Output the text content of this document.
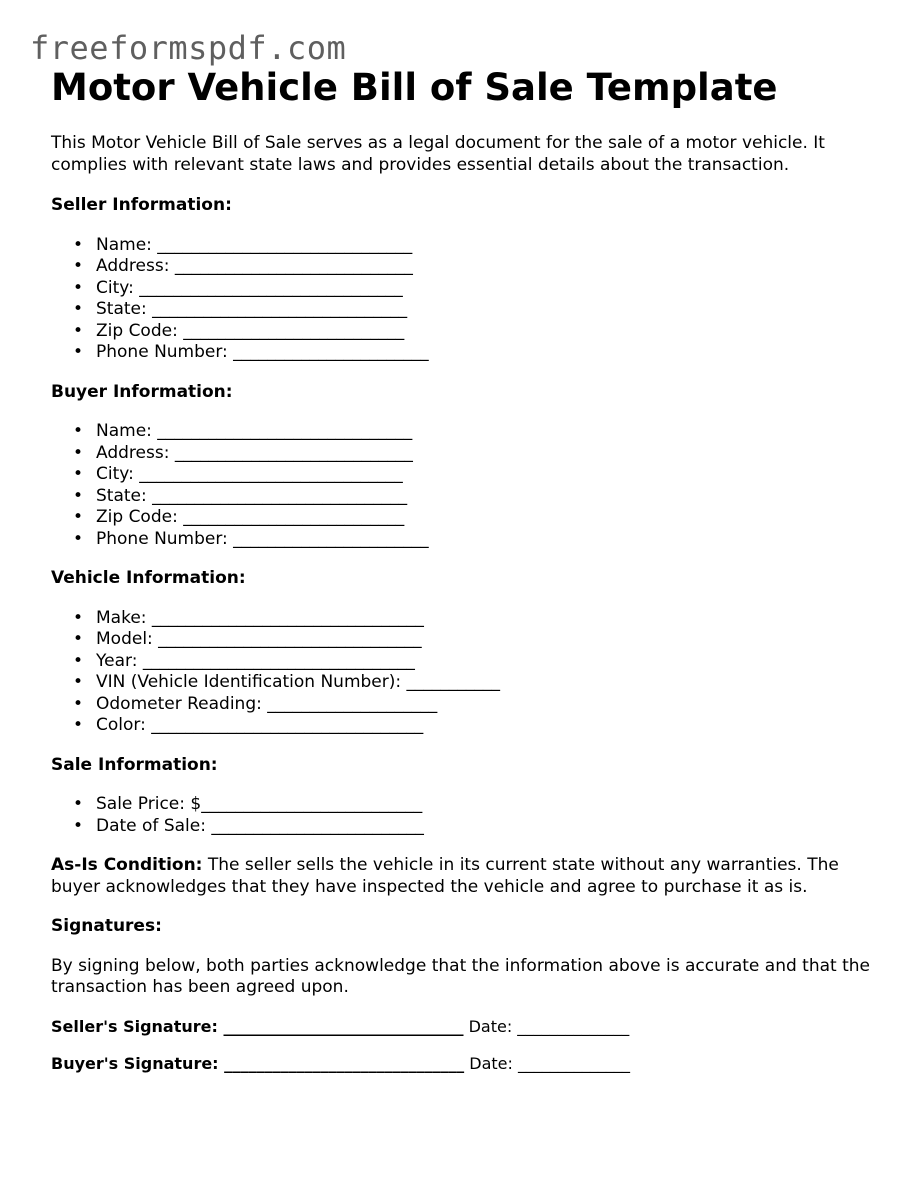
freeformspdf.com
Motor Vehicle Bill of Sale Template

This Motor Vehicle Bill of Sale serves as a legal document for the sale of a motor vehicle. It complies with relevant state laws and provides essential details about the transaction.

Seller Information:
• Name: ______________________________
• Address: ____________________________
• City: _______________________________
• State: ______________________________
• Zip Code: __________________________
• Phone Number: _______________________
Buyer Information:
• Name: ______________________________
• Address: ____________________________
• City: _______________________________
• State: ______________________________
• Zip Code: __________________________
• Phone Number: _______________________
Vehicle Information:
• Make: ________________________________
• Model: _______________________________
• Year: ________________________________
• VIN (Vehicle Identification Number): ___________
• Odometer Reading: ____________________
• Color: ________________________________
Sale Information:
• Sale Price: $__________________________
• Date of Sale: _________________________

As-Is Condition: The seller sells the vehicle in its current state without any warranties. The buyer acknowledges that they have inspected the vehicle and agree to purchase it as is.

Signatures:

By signing below, both parties acknowledge that the information above is accurate and that the transaction has been agreed upon.

Seller's Signature: ______________________________ Date: ______________
Buyer's Signature: ______________________________ Date: ______________
